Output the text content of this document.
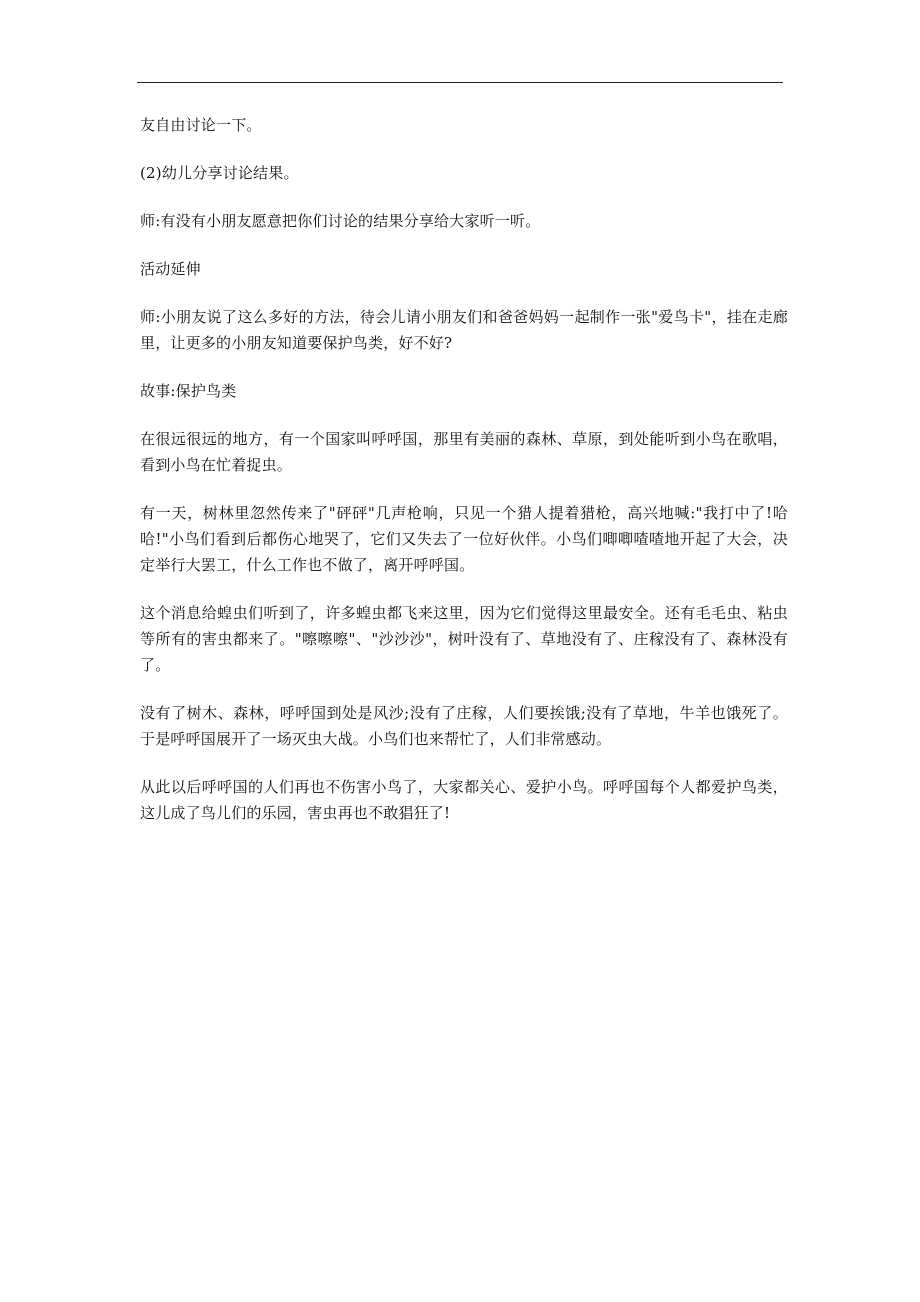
友自由讨论一下。

(2)幼儿分享讨论结果。

师:有没有小朋友愿意把你们讨论的结果分享给大家听一听。

活动延伸

师:小朋友说了这么多好的方法，待会儿请小朋友们和爸爸妈妈一起制作一张"爱鸟卡"，挂在走廊里，让更多的小朋友知道要保护鸟类，好不好?

故事:保护鸟类

在很远很远的地方，有一个国家叫呼呼国，那里有美丽的森林、草原，到处能听到小鸟在歌唱，看到小鸟在忙着捉虫。

有一天，树林里忽然传来了"砰砰"几声枪响，只见一个猎人提着猎枪，高兴地喊:"我打中了!哈哈!"小鸟们看到后都伤心地哭了，它们又失去了一位好伙伴。小鸟们唧唧喳喳地开起了大会，决定举行大罢工，什么工作也不做了，离开呼呼国。

这个消息给蝗虫们听到了，许多蝗虫都飞来这里，因为它们觉得这里最安全。还有毛毛虫、粘虫等所有的害虫都来了。"嚓嚓嚓"、"沙沙沙"，树叶没有了、草地没有了、庄稼没有了、森林没有了。

没有了树木、森林，呼呼国到处是风沙;没有了庄稼，人们要挨饿;没有了草地，牛羊也饿死了。于是呼呼国展开了一场灭虫大战。小鸟们也来帮忙了，人们非常感动。

从此以后呼呼国的人们再也不伤害小鸟了，大家都关心、爱护小鸟。呼呼国每个人都爱护鸟类，这儿成了鸟儿们的乐园，害虫再也不敢猖狂了!
